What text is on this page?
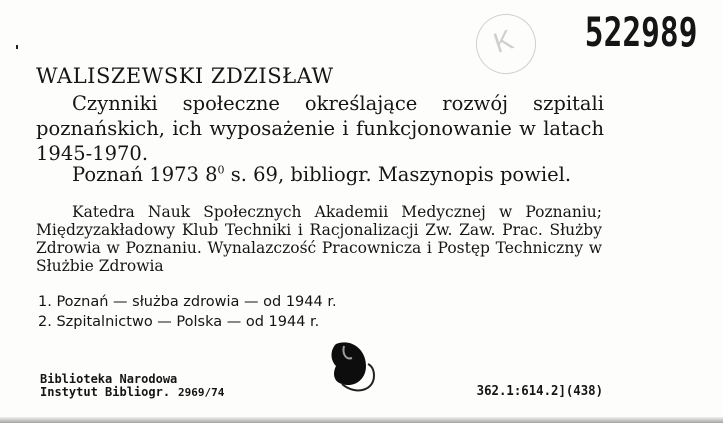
K 522989
WALISZEWSKI ZDZISŁAW
Czynniki społeczne określające rozwój szpitali poznańskich, ich wyposażenie i funkcjonowanie w latach 1945-1970.
Poznań 1973 $8^0$ s. 69, bibliogr. Maszynopis powiel.
Katedra Nauk Społecznych Akademii Medycznej w Poznaniu; Międzyzakładowy Klub Techniki i Racjonalizacji Zw. Zaw. Prac. Służby Zdrowia w Poznaniu. Wynalazczość Pracownicza i Postęp Techniczny w Służbie Zdrowia
1. Poznań — służba zdrowia — od 1944 r.
2. Szpitalnictwo — Polska — od 1944 r.
Biblioteka Narodowa
Instytut Bibliogr. 2969/74	362.1:614.2](438)
